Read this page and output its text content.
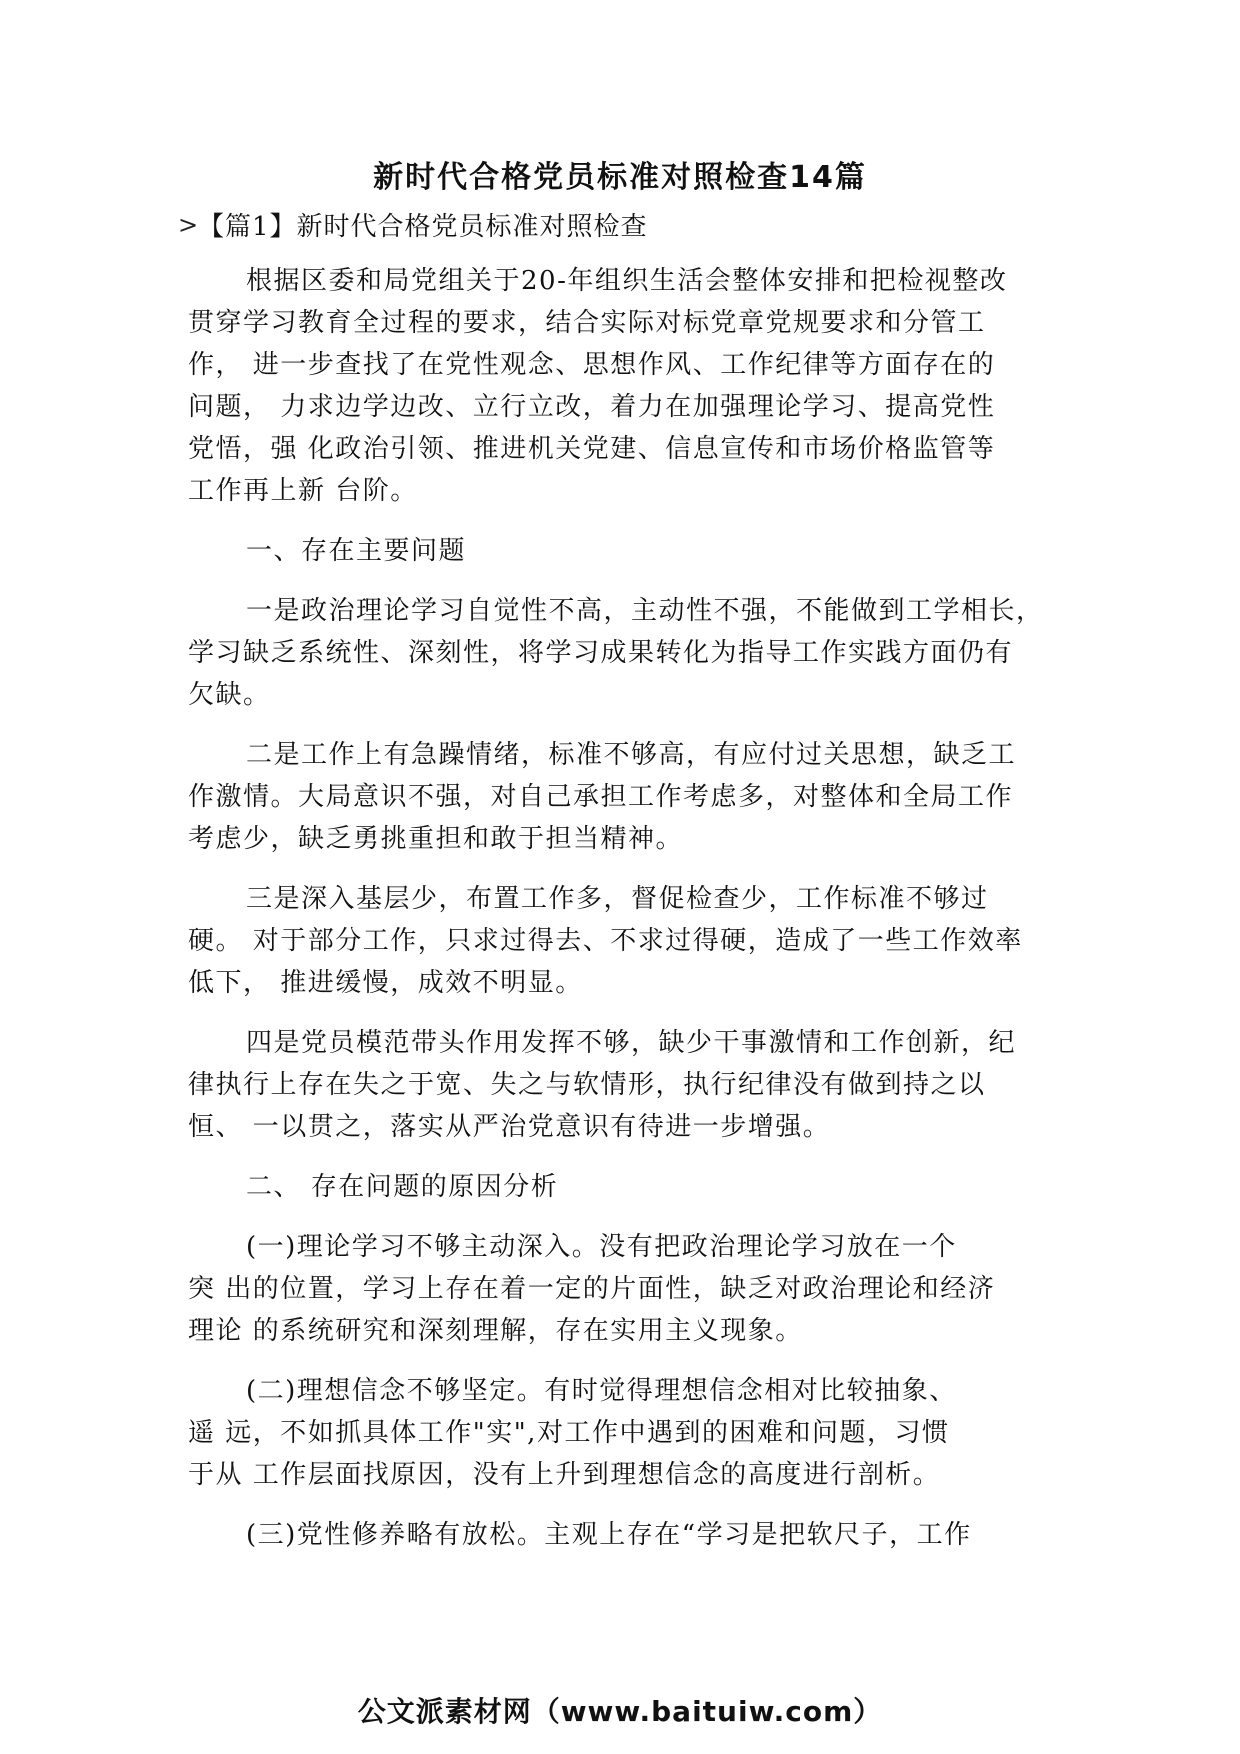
新时代合格党员标准对照检查14篇
>
【篇1】新时代合格党员标准对照检查
根据区委和局党组关于20-年组织生活会整体安排和把检视整改
贯穿学习教育全过程的要求，结合实际对标党章党规要求和分管工
作， 进一步查找了在党性观念、思想作风、工作纪律等方面存在的
问题， 力求边学边改、立行立改，着力在加强理论学习、提高党性
党悟，强 化政治引领、推进机关党建、信息宣传和市场价格监管等
工作再上新 台阶。
一、存在主要问题
一是政治理论学习自觉性不高，主动性不强，不能做到工学相长，
学习缺乏系统性、深刻性，将学习成果转化为指导工作实践方面仍有
欠缺。
二是工作上有急躁情绪，标准不够高，有应付过关思想，缺乏工
作激情。大局意识不强，对自己承担工作考虑多，对整体和全局工作
考虑少，缺乏勇挑重担和敢于担当精神。
三是深入基层少，布置工作多，督促检查少，工作标准不够过
硬。 对于部分工作，只求过得去、不求过得硬，造成了一些工作效率
低下， 推进缓慢，成效不明显。
四是党员模范带头作用发挥不够，缺少干事激情和工作创新，纪
律执行上存在失之于宽、失之与软情形，执行纪律没有做到持之以
恒、 一以贯之，落实从严治党意识有待进一步增强。
二、 存在问题的原因分析
(一)理论学习不够主动深入。没有把政治理论学习放在一个
突 出的位置，学习上存在着一定的片面性，缺乏对政治理论和经济
理论 的系统研究和深刻理解，存在实用主义现象。
(二)理想信念不够坚定。有时觉得理想信念相对比较抽象、
遥 远，不如抓具体工作"实",对工作中遇到的困难和问题，习惯
于从 工作层面找原因，没有上升到理想信念的高度进行剖析。
(三)党性修养略有放松。主观上存在“学习是把软尺子，工作
公文派素材网（www.baituiw.com）
